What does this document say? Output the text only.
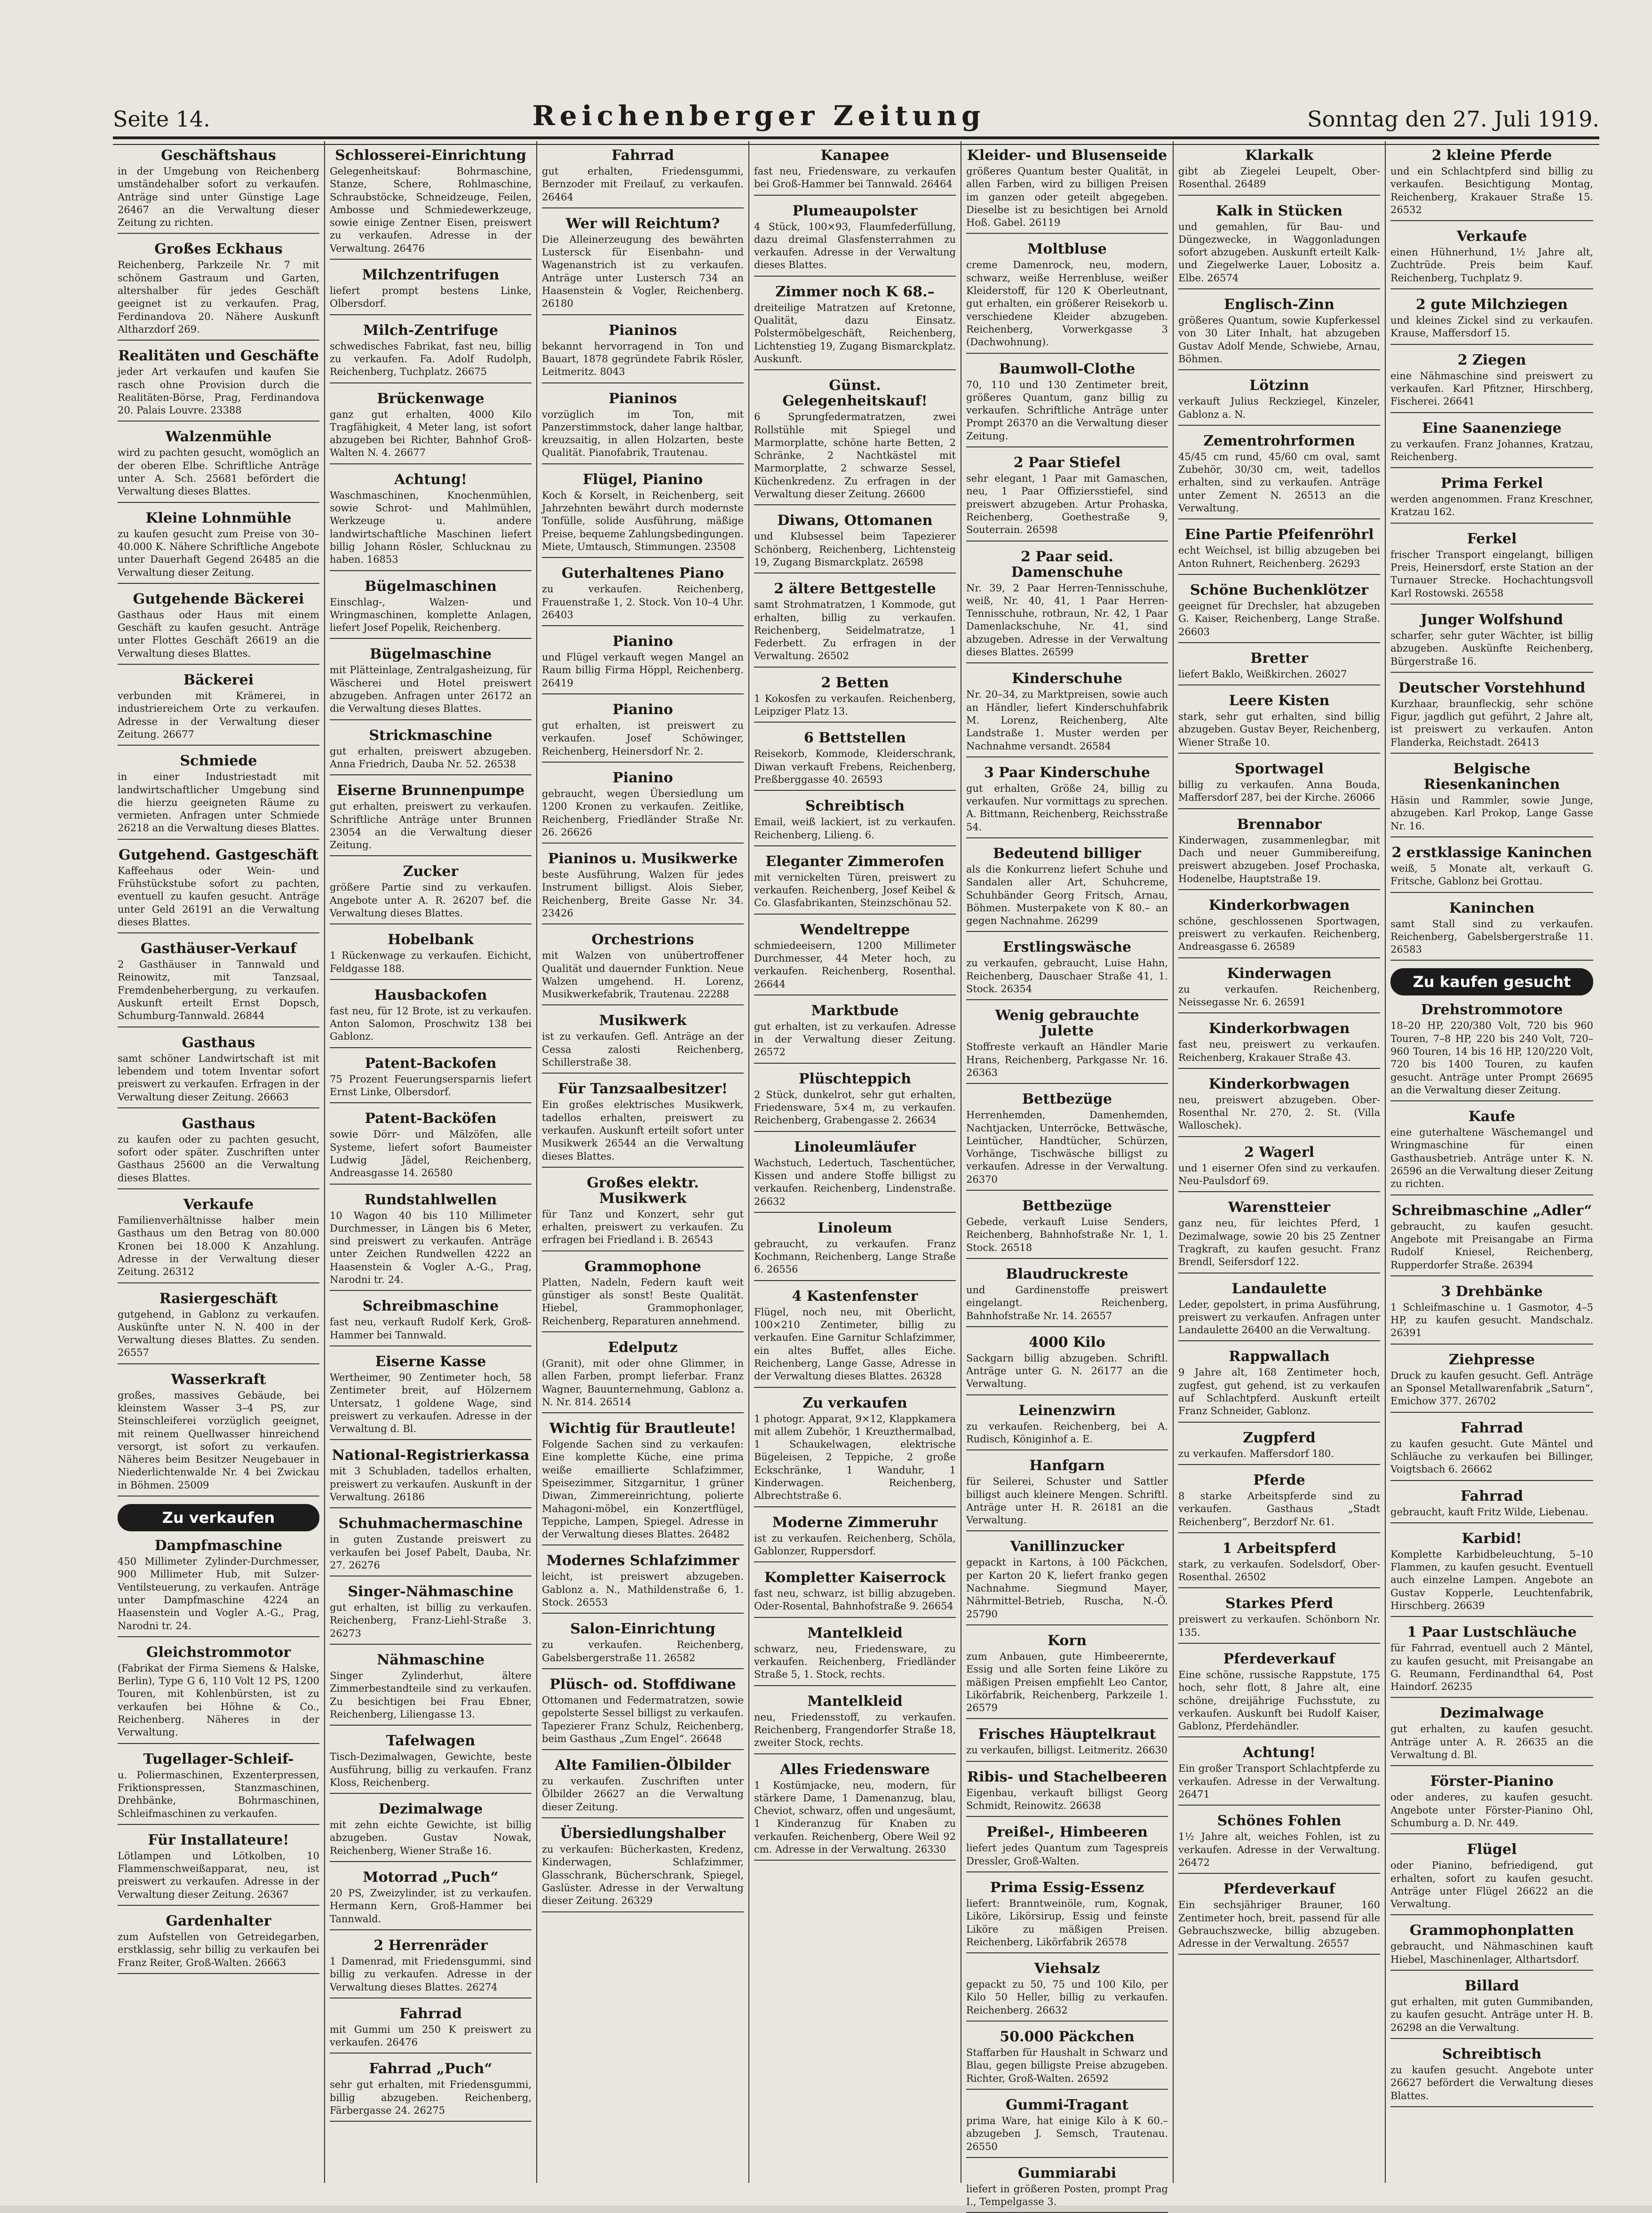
Seite 14.	Reichenberger Zeitung	Sonntag den 27. Juli 1919.
Geschäftshaus

in der Umgebung von Reichenberg umständehalber sofort zu verkaufen. Anträge sind unter Günstige Lage 26467 an die Verwaltung dieser Zeitung zu richten.

Großes Eckhaus

Reichenberg, Parkzeile Nr. 7 mit schönem Gastraum und Garten, altershalber für jedes Geschäft geeignet ist zu verkaufen. Prag, Ferdinandova 20. Nähere Auskunft Altharzdorf 269.

Realitäten und Geschäfte

jeder Art verkaufen und kaufen Sie rasch ohne Provision durch die Realitäten-Börse, Prag, Ferdinandova 20. Palais Louvre. 23388

Walzenmühle

wird zu pachten gesucht, womöglich an der oberen Elbe. Schriftliche Anträge unter A. Sch. 25681 befördert die Verwaltung dieses Blattes.

Kleine Lohnmühle

zu kaufen gesucht zum Preise von 30–40.000 K. Nähere Schriftliche Angebote unter Dauerhaft Gegend 26485 an die Verwaltung dieser Zeitung.

Gutgehende Bäckerei

Gasthaus oder Haus mit einem Geschäft zu kaufen gesucht. Anträge unter Flottes Geschäft 26619 an die Verwaltung dieses Blattes.

Bäckerei

verbunden mit Krämerei, in industriereichem Orte zu verkaufen. Adresse in der Verwaltung dieser Zeitung. 26677

Schmiede

in einer Industriestadt mit landwirtschaftlicher Umgebung sind die hierzu geeigneten Räume zu vermieten. Anfragen unter Schmiede 26218 an die Verwaltung dieses Blattes.

Gutgehend. Gastgeschäft

Kaffeehaus oder Wein- und Frühstückstube sofort zu pachten, eventuell zu kaufen gesucht. Anträge unter Geld 26191 an die Verwaltung dieses Blattes.

Gasthäuser-Verkauf

2 Gasthäuser in Tannwald und Reinowitz, mit Tanzsaal, Fremdenbeherbergung, zu verkaufen. Auskunft erteilt Ernst Dopsch, Schumburg-Tannwald. 26844

Gasthaus

samt schöner Landwirtschaft ist mit lebendem und totem Inventar sofort preiswert zu verkaufen. Erfragen in der Verwaltung dieser Zeitung. 26663

Gasthaus

zu kaufen oder zu pachten gesucht, sofort oder später. Zuschriften unter Gasthaus 25600 an die Verwaltung dieses Blattes.

Verkaufe

Familienverhältnisse halber mein Gasthaus um den Betrag von 80.000 Kronen bei 18.000 K Anzahlung. Adresse in der Verwaltung dieser Zeitung. 26312

Rasiergeschäft

gutgehend, in Gablonz zu verkaufen. Auskünfte unter N. N. 400 in der Verwaltung dieses Blattes. Zu senden. 26557

Wasserkraft

großes, massives Gebäude, bei kleinstem Wasser 3–4 PS, zur Steinschleiferei vorzüglich geeignet, mit reinem Quellwasser hinreichend versorgt, ist sofort zu verkaufen. Näheres beim Besitzer Neugebauer in Niederlichtenwalde Nr. 4 bei Zwickau in Böhmen. 25009

Zu verkaufen
Dampfmaschine

450 Millimeter Zylinder-Durchmesser, 900 Millimeter Hub, mit Sulzer-Ventilsteuerung, zu verkaufen. Anträge unter Dampfmaschine 4224 an Haasenstein und Vogler A.-G., Prag, Narodni tr. 24.

Gleichstrommotor

(Fabrikat der Firma Siemens & Halske, Berlin), Type G 6, 110 Volt 12 PS, 1200 Touren, mit Kohlenbürsten, ist zu verkaufen bei Höhne & Co., Reichenberg. Näheres in der Verwaltung.

Tugellager-Schleif-

u. Poliermaschinen, Exzenterpressen, Friktionspressen, Stanzmaschinen, Drehbänke, Bohrmaschinen, Schleifmaschinen zu verkaufen.

Für Installateure!

Lötlampen und Lötkolben, 10 Flammenschweißapparat, neu, ist preiswert zu verkaufen. Adresse in der Verwaltung dieser Zeitung. 26367

Gardenhalter

zum Aufstellen von Getreidegarben, erstklassig, sehr billig zu verkaufen bei Franz Reiter, Groß-Walten. 26663

Schlosserei-Einrichtung

Gelegenheitskauf: Bohrmaschine, Stanze, Schere, Rohlmaschine, Schraubstöcke, Schneidzeuge, Feilen, Ambosse und Schmiedewerkzeuge, sowie einige Zentner Eisen, preiswert zu verkaufen. Adresse in der Verwaltung. 26476

Milchzentrifugen

liefert prompt bestens Linke, Olbersdorf.

Milch-Zentrifuge

schwedisches Fabrikat, fast neu, billig zu verkaufen. Fa. Adolf Rudolph, Reichenberg, Tuchplatz. 26675

Brückenwage

ganz gut erhalten, 4000 Kilo Tragfähigkeit, 4 Meter lang, ist sofort abzugeben bei Richter, Bahnhof Groß-Walten N. 4. 26677

Achtung!

Waschmaschinen, Knochenmühlen, sowie Schrot- und Mahlmühlen, Werkzeuge u. andere landwirtschaftliche Maschinen liefert billig Johann Rösler, Schlucknau zu haben. 16853

Bügelmaschinen

Einschlag-, Walzen- und Wringmaschinen, komplette Anlagen, liefert Josef Popelik, Reichenberg.

Bügelmaschine

mit Plätteinlage, Zentralgasheizung, für Wäscherei und Hotel preiswert abzugeben. Anfragen unter 26172 an die Verwaltung dieses Blattes.

Strickmaschine

gut erhalten, preiswert abzugeben. Anna Friedrich, Dauba Nr. 52. 26538

Eiserne Brunnenpumpe

gut erhalten, preiswert zu verkaufen. Schriftliche Anträge unter Brunnen 23054 an die Verwaltung dieser Zeitung.

Zucker

größere Partie sind zu verkaufen. Angebote unter A. R. 26207 bef. die Verwaltung dieses Blattes.

Hobelbank

1 Rückenwage zu verkaufen. Eichicht, Feldgasse 188.

Hausbackofen

fast neu, für 12 Brote, ist zu verkaufen. Anton Salomon, Proschwitz 138 bei Gablonz.

Patent-Backofen

75 Prozent Feuerungsersparnis liefert Ernst Linke, Olbersdorf.

Patent-Backöfen

sowie Dörr- und Mälzöfen, alle Systeme, liefert sofort Baumeister Ludwig Jädel, Reichenberg, Andreasgasse 14. 26580

Rundstahlwellen

10 Wagon 40 bis 110 Millimeter Durchmesser, in Längen bis 6 Meter, sind preiswert zu verkaufen. Anträge unter Zeichen Rundwellen 4222 an Haasenstein & Vogler A.-G., Prag, Narodni tr. 24.

Schreibmaschine

fast neu, verkauft Rudolf Kerk, Groß-Hammer bei Tannwald.

Eiserne Kasse

Wertheimer, 90 Zentimeter hoch, 58 Zentimeter breit, auf Hölzernem Untersatz, 1 goldene Wage, sind preiswert zu verkaufen. Adresse in der Verwaltung d. Bl.

National-Registrierkassa

mit 3 Schubladen, tadellos erhalten, preiswert zu verkaufen. Auskunft in der Verwaltung. 26186

Schuhmachermaschine

in guten Zustande preiswert zu verkaufen bei Josef Pabelt, Dauba, Nr. 27. 26276

Singer-Nähmaschine

gut erhalten, ist billig zu verkaufen. Reichenberg, Franz-Liehl-Straße 3. 26273

Nähmaschine

Singer Zylinderhut, ältere Zimmerbestandteile sind zu verkaufen. Zu besichtigen bei Frau Ebner, Reichenberg, Liliengasse 13.

Tafelwagen

Tisch-Dezimalwagen, Gewichte, beste Ausführung, billig zu verkaufen. Franz Kloss, Reichenberg.

Dezimalwage

mit zehn eichte Gewichte, ist billig abzugeben. Gustav Nowak, Reichenberg, Wiener Straße 16.

Motorrad „Puch“

20 PS, Zweizylinder, ist zu verkaufen. Hermann Kern, Groß-Hammer bei Tannwald.

2 Herrenräder

1 Damenrad, mit Friedensgummi, sind billig zu verkaufen. Adresse in der Verwaltung dieses Blattes. 26274

Fahrrad

mit Gummi um 250 K preiswert zu verkaufen. 26476

Fahrrad „Puch“

sehr gut erhalten, mit Friedensgummi, billig abzugeben. Reichenberg, Färbergasse 24. 26275

Fahrrad

gut erhalten, Friedensgummi, Bernzoder mit Freilauf, zu verkaufen. 26464

Wer will Reichtum?

Die Alleinerzeugung des bewährten Lustersck für Eisenbahn- und Wagenanstrich ist zu verkaufen. Anträge unter Lustersch 734 an Haasenstein & Vogler, Reichenberg. 26180

Pianinos

bekannt hervorragend in Ton und Bauart, 1878 gegründete Fabrik Rösler, Leitmeritz. 8043

Pianinos

vorzüglich im Ton, mit Panzerstimmstock, daher lange haltbar, kreuzsaitig, in allen Holzarten, beste Qualität. Pianofabrik, Trautenau.

Flügel, Pianino

Koch & Korselt, in Reichenberg, seit Jahrzehnten bewährt durch modernste Tonfülle, solide Ausführung, mäßige Preise, bequeme Zahlungsbedingungen. Miete, Umtausch, Stimmungen. 23508

Guterhaltenes Piano

zu verkaufen. Reichenberg, Frauenstraße 1, 2. Stock. Von 10–4 Uhr. 26403

Pianino

und Flügel verkauft wegen Mangel an Raum billig Firma Höppl, Reichenberg. 26419

Pianino

gut erhalten, ist preiswert zu verkaufen. Josef Schöwinger, Reichenberg, Heinersdorf Nr. 2.

Pianino

gebraucht, wegen Übersiedlung um 1200 Kronen zu verkaufen. Zeitlike, Reichenberg, Friedländer Straße Nr. 26. 26626

Pianinos u. Musikwerke

beste Ausführung, Walzen für jedes Instrument billigst. Alois Sieber, Reichenberg, Breite Gasse Nr. 34. 23426

Orchestrions

mit Walzen von unübertroffener Qualität und dauernder Funktion. Neue Walzen umgehend. H. Lorenz, Musikwerkefabrik, Trautenau. 22288

Musikwerk

ist zu verkaufen. Gefl. Anträge an der Cessa zalosti Reichenberg, Schillerstraße 38.

Für Tanzsaalbesitzer!

Ein großes elektrisches Musikwerk, tadellos erhalten, preiswert zu verkaufen. Auskunft erteilt sofort unter Musikwerk 26544 an die Verwaltung dieses Blattes.

Großes elektr. Musikwerk

für Tanz und Konzert, sehr gut erhalten, preiswert zu verkaufen. Zu erfragen bei Friedland i. B. 26543

Grammophone

Platten, Nadeln, Federn kauft weit günstiger als sonst! Beste Qualität. Hiebel, Grammophonlager, Reichenberg, Reparaturen annehmend.

Edelputz

(Granit), mit oder ohne Glimmer, in allen Farben, prompt lieferbar. Franz Wagner, Bauunternehmung, Gablonz a. N. Nr. 814. 26514

Wichtig für Brautleute!

Folgende Sachen sind zu verkaufen: Eine komplette Küche, eine prima weiße emaillierte Schlafzimmer, Speisezimmer, Sitzgarnitur, 1 grüner Diwan, Zimmereinrichtung, polierte Mahagoni-möbel, ein Konzertflügel, Teppiche, Lampen, Spiegel. Adresse in der Verwaltung dieses Blattes. 26482

Modernes Schlafzimmer

leicht, ist preiswert abzugeben. Gablonz a. N., Mathildenstraße 6, 1. Stock. 26553

Salon-Einrichtung

zu verkaufen. Reichenberg, Gabelsbergerstraße 11. 26582

Plüsch- od. Stoffdiwane

Ottomanen und Federmatratzen, sowie gepolsterte Sessel billigst zu verkaufen. Tapezierer Franz Schulz, Reichenberg, beim Gasthaus „Zum Engel“. 26648

Alte Familien-Ölbilder

zu verkaufen. Zuschriften unter Ölbilder 26627 an die Verwaltung dieser Zeitung.

Übersiedlungshalber

zu verkaufen: Bücherkasten, Kredenz, Kinderwagen, Schlafzimmer, Glasschrank, Bücherschrank, Spiegel, Gaslüster. Adresse in der Verwaltung dieser Zeitung. 26329

Kanapee

fast neu, Friedensware, zu verkaufen bei Groß-Hammer bei Tannwald. 26464

Plumeaupolster

4 Stück, 100×93, Flaumfederfüllung, dazu dreimal Glasfensterrahmen zu verkaufen. Adresse in der Verwaltung dieses Blattes.

Zimmer noch K 68.–

dreiteilige Matratzen auf Kretonne, Qualität, dazu Einsatz. Polstermöbelgeschäft, Reichenberg, Lichtenstieg 19, Zugang Bismarckplatz. Auskunft.

Günst. Gelegenheitskauf!

6 Sprungfedermatratzen, zwei Rollstühle mit Spiegel und Marmorplatte, schöne harte Betten, 2 Schränke, 2 Nachtkästel mit Marmorplatte, 2 schwarze Sessel, Küchenkredenz. Zu erfragen in der Verwaltung dieser Zeitung. 26600

Diwans, Ottomanen

und Klubsessel beim Tapezierer Schönberg, Reichenberg, Lichtensteig 19, Zugang Bismarckplatz. 26598

2 ältere Bettgestelle

samt Strohmatratzen, 1 Kommode, gut erhalten, billig zu verkaufen. Reichenberg, Seidelmatratze, 1 Federbett. Zu erfragen in der Verwaltung. 26502

2 Betten

1 Kokosfen zu verkaufen. Reichenberg, Leipziger Platz 13.

6 Bettstellen

Reisekorb, Kommode, Kleiderschrank, Diwan verkauft Frebens, Reichenberg, Preßberggasse 40. 26593

Schreibtisch

Email, weiß lackiert, ist zu verkaufen. Reichenberg, Lilieng. 6.

Eleganter Zimmerofen

mit vernickelten Türen, preiswert zu verkaufen. Reichenberg, Josef Keibel & Co. Glasfabrikanten, Steinzschönau 52.

Wendeltreppe

schmiedeeisern, 1200 Millimeter Durchmesser, 44 Meter hoch, zu verkaufen. Reichenberg, Rosenthal. 26644

Marktbude

gut erhalten, ist zu verkaufen. Adresse in der Verwaltung dieser Zeitung. 26572

Plüschteppich

2 Stück, dunkelrot, sehr gut erhalten, Friedensware, 5×4 m, zu verkaufen. Reichenberg, Grabengasse 2. 26634

Linoleumläufer

Wachstuch, Ledertuch, Taschentücher, Kissen und andere Stoffe billigst zu verkaufen. Reichenberg, Lindenstraße. 26632

Linoleum

gebraucht, zu verkaufen. Franz Kochmann, Reichenberg, Lange Straße 6. 26556

4 Kastenfenster

Flügel, noch neu, mit Oberlicht, 100×210 Zentimeter, billig zu verkaufen. Eine Garnitur Schlafzimmer, ein altes Buffet, alles Eiche. Reichenberg, Lange Gasse, Adresse in der Verwaltung dieses Blattes. 26328

Zu verkaufen

1 photogr. Apparat, 9×12, Klappkamera mit allem Zubehör, 1 Kreuzthermalbad, 1 Schaukelwagen, elektrische Bügeleisen, 2 Teppiche, 2 große Eckschränke, 1 Wanduhr, 1 Kinderwagen. Reichenberg, Albrechtstraße 6.

Moderne Zimmeruhr

ist zu verkaufen. Reichenberg, Schöla, Gablonzer, Ruppersdorf.

Kompletter Kaiserrock

fast neu, schwarz, ist billig abzugeben. Oder-Rosental, Bahnhofstraße 9. 26654

Mantelkleid

schwarz, neu, Friedensware, zu verkaufen. Reichenberg, Friedländer Straße 5, 1. Stock, rechts.

Mantelkleid

neu, Friedensstoff, zu verkaufen. Reichenberg, Frangendorfer Straße 18, zweiter Stock, rechts.

Alles Friedensware

1 Kostümjacke, neu, modern, für stärkere Dame, 1 Damenanzug, blau, Cheviot, schwarz, offen und ungesäumt, 1 Kinderanzug für Knaben zu verkaufen. Reichenberg, Obere Weil 92 cm. Adresse in der Verwaltung. 26330

Kleider- und Blusenseide

größeres Quantum bester Qualität, in allen Farben, wird zu billigen Preisen im ganzen oder geteilt abgegeben. Dieselbe ist zu besichtigen bei Arnold Hoß. Gabel. 26119

Moltbluse

creme Damenrock, neu, modern, schwarz, weiße Herrenbluse, weißer Kleiderstoff, für 120 K Oberleutnant, gut erhalten, ein größerer Reisekorb u. verschiedene Kleider abzugeben. Reichenberg, Vorwerkgasse 3 (Dachwohnung).

Baumwoll-Clothe

70, 110 und 130 Zentimeter breit, größeres Quantum, ganz billig zu verkaufen. Schriftliche Anträge unter Prompt 26370 an die Verwaltung dieser Zeitung.

2 Paar Stiefel

sehr elegant, 1 Paar mit Gamaschen, neu, 1 Paar Offiziersstiefel, sind preiswert abzugeben. Artur Prohaska, Reichenberg, Goethestraße 9, Souterrain. 26598

2 Paar seid. Damenschuhe

Nr. 39, 2 Paar Herren-Tennisschuhe, weiß, Nr. 40, 41, 1 Paar Herren-Tennisschuhe, rotbraun, Nr. 42, 1 Paar Damenlackschuhe, Nr. 41, sind abzugeben. Adresse in der Verwaltung dieses Blattes. 26599

Kinderschuhe

Nr. 20–34, zu Marktpreisen, sowie auch an Händler, liefert Kinderschuhfabrik M. Lorenz, Reichenberg, Alte Landstraße 1. Muster werden per Nachnahme versandt. 26584

3 Paar Kinderschuhe

gut erhalten, Größe 24, billig zu verkaufen. Nur vormittags zu sprechen. A. Bittmann, Reichenberg, Reichsstraße 54.

Bedeutend billiger

als die Konkurrenz liefert Schuhe und Sandalen aller Art, Schuhcreme, Schuhbänder Georg Fritsch, Arnau, Böhmen. Musterpakete von K 80.– an gegen Nachnahme. 26299

Erstlingswäsche

zu verkaufen, gebraucht, Luise Hahn, Reichenberg, Dauschaer Straße 41, 1. Stock. 26354

Wenig gebrauchte Julette

Stoffreste verkauft an Händler Marie Hrans, Reichenberg, Parkgasse Nr. 16. 26363

Bettbezüge

Herrenhemden, Damenhemden, Nachtjacken, Unterröcke, Bettwäsche, Leintücher, Handtücher, Schürzen, Vorhänge, Tischwäsche billigst zu verkaufen. Adresse in der Verwaltung. 26370

Bettbezüge

Gebede, verkauft Luise Senders, Reichenberg, Bahnhofstraße Nr. 1, 1. Stock. 26518

Blaudruckreste

und Gardinenstoffe preiswert eingelangt. Reichenberg, Bahnhofstraße Nr. 14. 26557

4000 Kilo

Sackgarn billig abzugeben. Schriftl. Anträge unter G. N. 26177 an die Verwaltung.

Leinenzwirn

zu verkaufen. Reichenberg, bei A. Rudisch, Königinhof a. E.

Hanfgarn

für Seilerei, Schuster und Sattler billigst auch kleinere Mengen. Schriftl. Anträge unter H. R. 26181 an die Verwaltung.

Vanillinzucker

gepackt in Kartons, à 100 Päckchen, per Karton 20 K, liefert franko gegen Nachnahme. Siegmund Mayer, Nährmittel-Betrieb, Ruscha, N.-Ö. 25790

Korn

zum Anbauen, gute Himbeerernte, Essig und alle Sorten feine Liköre zu mäßigen Preisen empfiehlt Leo Cantor, Likörfabrik, Reichenberg, Parkzeile 1. 26579

Frisches Häuptelkraut

zu verkaufen, billigst. Leitmeritz. 26630

Ribis- und Stachelbeeren

Eigenbau, verkauft billigst Georg Schmidt, Reinowitz. 26638

Preißel-, Himbeeren

liefert jedes Quantum zum Tagespreis Dressler, Groß-Walten.

Prima Essig-Essenz

liefert: Branntweinöle, rum, Kognak, Liköre, Likörsirup, Essig und feinste Liköre zu mäßigen Preisen. Reichenberg, Likörfabrik 26578

Viehsalz

gepackt zu 50, 75 und 100 Kilo, per Kilo 50 Heller, billig zu verkaufen. Reichenberg. 26632

50.000 Päckchen

Staffarben für Haushalt in Schwarz und Blau, gegen billigste Preise abzugeben. Richter, Groß-Walten. 26592

Gummi-Tragant

prima Ware, hat einige Kilo à K 60.– abzugeben J. Semsch, Trautenau. 26550

Gummiarabi

liefert in größeren Posten, prompt Prag I., Tempelgasse 3.

Klarkalk

gibt ab Ziegelei Leupelt, Ober-Rosenthal. 26489

Kalk in Stücken

und gemahlen, für Bau- und Düngezwecke, in Waggonladungen sofort abzugeben. Auskunft erteilt Kalk- und Ziegelwerke Lauer, Lobositz a. Elbe. 26574

Englisch-Zinn

größeres Quantum, sowie Kupferkessel von 30 Liter Inhalt, hat abzugeben Gustav Adolf Mende, Schwiebe, Arnau, Böhmen.

Lötzinn

verkauft Julius Reckziegel, Kinzeler, Gablonz a. N.

Zementrohrformen

45/45 cm rund, 45/60 cm oval, samt Zubehör, 30/30 cm, weit, tadellos erhalten, sind zu verkaufen. Anträge unter Zement N. 26513 an die Verwaltung.

Eine Partie Pfeifenröhrl

echt Weichsel, ist billig abzugeben bei Anton Ruhnert, Reichenberg. 26293

Schöne Buchenklötzer

geeignet für Drechsler, hat abzugeben G. Kaiser, Reichenberg, Lange Straße. 26603

Bretter

liefert Baklo, Weißkirchen. 26027

Leere Kisten

stark, sehr gut erhalten, sind billig abzugeben. Gustav Beyer, Reichenberg, Wiener Straße 10.

Sportwagel

billig zu verkaufen. Anna Bouda, Maffersdorf 287, bei der Kirche. 26066

Brennabor

Kinderwagen, zusammenlegbar, mit Dach und neuer Gummibereifung, preiswert abzugeben. Josef Prochaska, Hodenelbe, Hauptstraße 19.

Kinderkorbwagen

schöne, geschlossenen Sportwagen, preiswert zu verkaufen. Reichenberg, Andreasgasse 6. 26589

Kinderwagen

zu verkaufen. Reichenberg, Neissegasse Nr. 6. 26591

Kinderkorbwagen

fast neu, preiswert zu verkaufen. Reichenberg, Krakauer Straße 43.

Kinderkorbwagen

neu, preiswert abzugeben. Ober-Rosenthal Nr. 270, 2. St. (Villa Walloschek).

2 Wagerl

und 1 eiserner Ofen sind zu verkaufen. Neu-Paulsdorf 69.

Warenstteier

ganz neu, für leichtes Pferd, 1 Dezimalwage, sowie 20 bis 25 Zentner Tragkraft, zu kaufen gesucht. Franz Brendl, Seifersdorf 122.

Landaulette

Leder, gepolstert, in prima Ausführung, preiswert zu verkaufen. Anfragen unter Landaulette 26400 an die Verwaltung.

Rappwallach

9 Jahre alt, 168 Zentimeter hoch, zugfest, gut gehend, ist zu verkaufen auf Schlachtpferd. Auskunft erteilt Franz Schneider, Gablonz.

Zugpferd

zu verkaufen. Maffersdorf 180.

Pferde

8 starke Arbeitspferde sind zu verkaufen. Gasthaus „Stadt Reichenberg“, Berzdorf Nr. 61.

1 Arbeitspferd

stark, zu verkaufen. Sodelsdorf, Ober-Rosenthal. 26502

Starkes Pferd

preiswert zu verkaufen. Schönborn Nr. 135.

Pferdeverkauf

Eine schöne, russische Rappstute, 175 hoch, sehr flott, 8 Jahre alt, eine schöne, dreijährige Fuchsstute, zu verkaufen. Auskunft bei Rudolf Kaiser, Gablonz, Pferdehändler.

Achtung!

Ein großer Transport Schlachtpferde zu verkaufen. Adresse in der Verwaltung. 26471

Schönes Fohlen

1½ Jahre alt, weiches Fohlen, ist zu verkaufen. Adresse in der Verwaltung. 26472

Pferdeverkauf

Ein sechsjähriger Brauner, 160 Zentimeter hoch, breit, passend für alle Gebrauchszwecke, billig abzugeben. Adresse in der Verwaltung. 26557

2 kleine Pferde

und ein Schlachtpferd sind billig zu verkaufen. Besichtigung Montag, Reichenberg, Krakauer Straße 15. 26532

Verkaufe

einen Hühnerhund, 1½ Jahre alt, Zuchtrüde. Preis beim Kauf. Reichenberg, Tuchplatz 9.

2 gute Milchziegen

und kleines Zickel sind zu verkaufen. Krause, Maffersdorf 15.

2 Ziegen

eine Nähmaschine sind preiswert zu verkaufen. Karl Pfitzner, Hirschberg, Fischerei. 26641

Eine Saanenziege

zu verkaufen. Franz Johannes, Kratzau, Reichenberg.

Prima Ferkel

werden angenommen. Franz Kreschner, Kratzau 162.

Ferkel

frischer Transport eingelangt, billigen Preis, Heinersdorf, erste Station an der Turnauer Strecke. Hochachtungsvoll Karl Rostowski. 26558

Junger Wolfshund

scharfer, sehr guter Wächter, ist billig abzugeben. Auskünfte Reichenberg, Bürgerstraße 16.

Deutscher Vorstehhund

Kurzhaar, braunfleckig, sehr schöne Figur, jagdlich gut geführt, 2 Jahre alt, ist preiswert zu verkaufen. Anton Flanderka, Reichstadt. 26413

Belgische Riesenkaninchen

Häsin und Rammler, sowie Junge, abzugeben. Karl Prokop, Lange Gasse Nr. 16.

2 erstklassige Kaninchen

weiß, 5 Monate alt, verkauft G. Fritsche, Gablonz bei Grottau.

Kaninchen

samt Stall sind zu verkaufen. Reichenberg, Gabelsbergerstraße 11. 26583

Zu kaufen gesucht
Drehstrommotore

18–20 HP, 220/380 Volt, 720 bis 960 Touren, 7–8 HP, 220 bis 240 Volt, 720–960 Touren, 14 bis 16 HP, 120/220 Volt, 720 bis 1400 Touren, zu kaufen gesucht. Anträge unter Prompt 26695 an die Verwaltung dieser Zeitung.

Kaufe

eine guterhaltene Wäschemangel und Wringmaschine für einen Gasthausbetrieb. Anträge unter K. N. 26596 an die Verwaltung dieser Zeitung zu richten.

Schreibmaschine „Adler“

gebraucht, zu kaufen gesucht. Angebote mit Preisangabe an Firma Rudolf Kniesel, Reichenberg, Rupperdorfer Straße. 26394

3 Drehbänke

1 Schleifmaschine u. 1 Gasmotor, 4–5 HP, zu kaufen gesucht. Mandschalz. 26391

Ziehpresse

Druck zu kaufen gesucht. Gefl. Anträge an Sponsel Metallwarenfabrik „Saturn“, Emichow 377. 26702

Fahrrad

zu kaufen gesucht. Gute Mäntel und Schläuche zu verkaufen bei Billinger, Voigtsbach 6. 26662

Fahrrad

gebraucht, kauft Fritz Wilde, Liebenau.

Karbid!

Komplette Karbidbeleuchtung, 5–10 Flammen, zu kaufen gesucht. Eventuell auch einzelne Lampen. Angebote an Gustav Kopperle, Leuchtenfabrik, Hirschberg. 26639

1 Paar Lustschläuche

für Fahrrad, eventuell auch 2 Mäntel, zu kaufen gesucht, mit Preisangabe an G. Reumann, Ferdinandthal 64, Post Haindorf. 26235

Dezimalwage

gut erhalten, zu kaufen gesucht. Anträge unter A. R. 26635 an die Verwaltung d. Bl.

Förster-Pianino

oder anderes, zu kaufen gesucht. Angebote unter Förster-Pianino Ohl, Schumburg a. D. Nr. 449.

Flügel

oder Pianino, befriedigend, gut erhalten, sofort zu kaufen gesucht. Anträge unter Flügel 26622 an die Verwaltung.

Grammophonplatten

gebraucht, und Nähmaschinen kauft Hiebel, Maschinenlager, Althartsdorf.

Billard

gut erhalten, mit guten Gummibanden, zu kaufen gesucht. Anträge unter H. B. 26298 an die Verwaltung.

Schreibtisch

zu kaufen gesucht. Angebote unter 26627 befördert die Verwaltung dieses Blattes.
